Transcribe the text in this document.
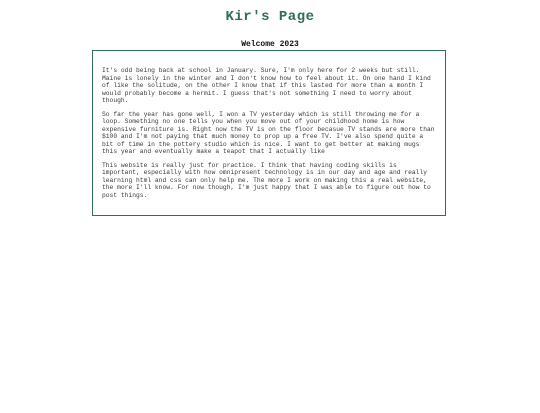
Kir's Page
Welcome 2023

It's odd being back at school in January. Sure, I'm only here for 2 weeks but still. Maine is lonely in the winter and I don't know how to feel about it. On one hand I kind of like the solitude, on the other I know that if this lasted for more than a month I would probably become a hermit. I guess that's not something I need to worry about though.

So far the year has gone well, I won a TV yesterday which is still throwing me for a loop. Something no one tells you when you move out of your childhood home is how expensive furniture is. Right now the TV is on the floor becasue TV stands are more than $100 and I'm not paying that much money to prop up a free TV. I've also spend quite a bit of time in the pottery studio which is nice. I want to get better at making mugs this year and eventually make a teapot that I actually like

This website is really just for practice. I think that having coding skills is important, especially with how omnipresent technology is in our day and age and really learning html and css can only help me. The more I work on making this a real website, the more I'll know. For now though, I'm just happy that I was able to figure out how to post things.
